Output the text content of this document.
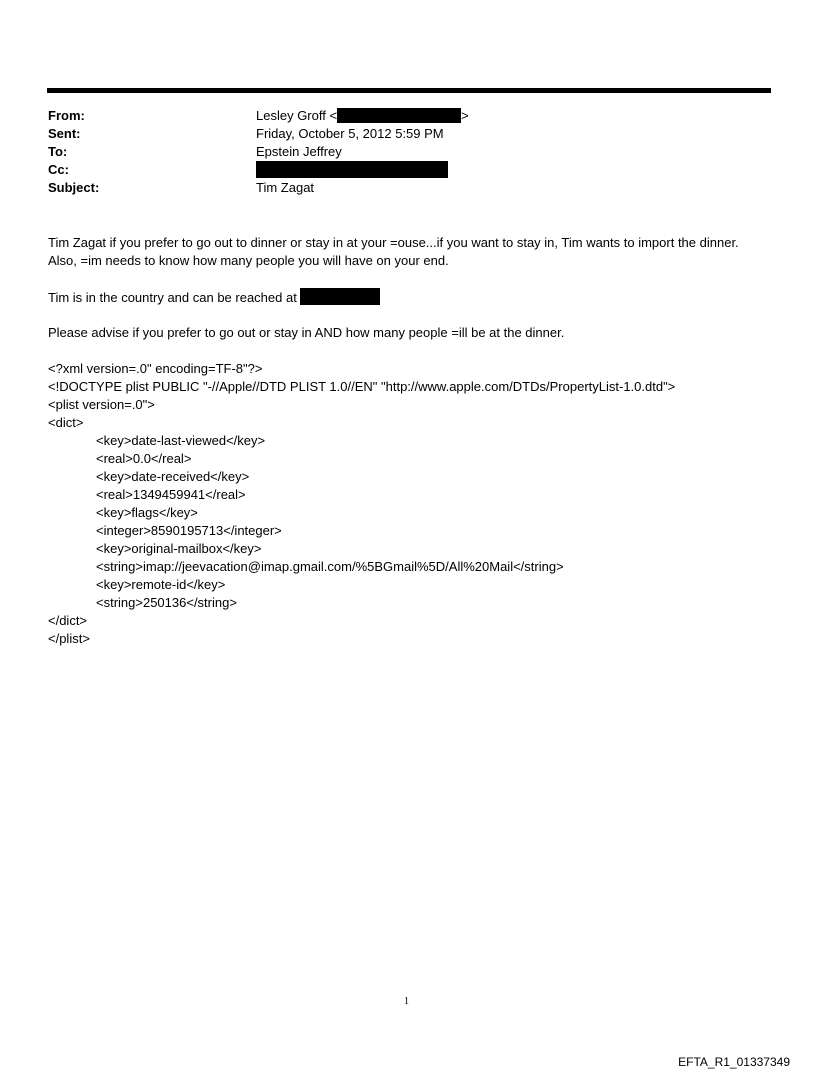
From:
Sent:
To:
Cc:
Subject:
Lesley Groff <	>
Friday, October 5, 2012 5:59 PM
Epstein Jeffrey
Tim Zagat
Tim Zagat if you prefer to go out to dinner or stay in at your =ouse...if you want to stay in, Tim wants to import the dinner. Also, =im needs to know how many people you will have on your end.
Tim is in the country and can be reached at
Please advise if you prefer to go out or stay in AND how many people =ill be at the dinner.
<?xml version=.0" encoding=TF-8"?>
<!DOCTYPE plist PUBLIC "-//Apple//DTD PLIST 1.0//EN" "http://www.apple.com/DTDs/PropertyList-1.0.dtd">
<plist version=.0">
<dict>
<key>date-last-viewed</key>
<real>0.0</real>
<key>date-received</key>
<real>1349459941</real>
<key>flags</key>
<integer>8590195713</integer>
<key>original-mailbox</key>
<string>imap://jeevacation@imap.gmail.com/%5BGmail%5D/All%20Mail</string>
<key>remote-id</key>
<string>250136</string>
</dict>
</plist>
1
EFTA_R1_01337349
